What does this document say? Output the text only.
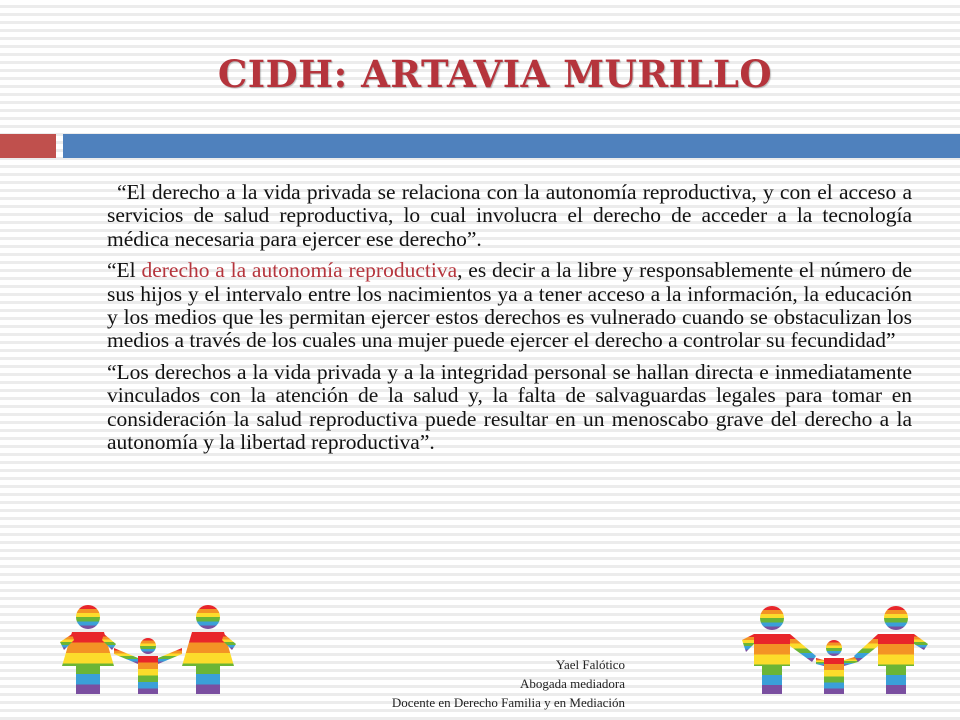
CIDH: ARTAVIA MURILLO

“El derecho a la vida privada se relaciona con la autonomía reproductiva, y con el acceso a servicios de salud reproductiva, lo cual involucra el derecho de acceder a la tecnología médica necesaria para ejercer ese derecho”.

“El derecho a la autonomía reproductiva, es decir a la libre y responsablemente el número de sus hijos y el intervalo entre los nacimientos ya a tener acceso a la información, la educación y los medios que les permitan ejercer estos derechos es vulnerado cuando se obstaculizan los medios a través de los cuales una mujer puede ejercer el derecho a controlar su fecundidad”

“Los derechos a la vida privada y a la integridad personal se hallan directa e inmediatamente vinculados con la atención de la salud y, la falta de salvaguardas legales para tomar en consideración la salud reproductiva puede resultar en un menoscabo grave del derecho a la autonomía y la libertad reproductiva”.

Yael Falótico
Abogada mediadora
Docente en Derecho Familia y en Mediación
